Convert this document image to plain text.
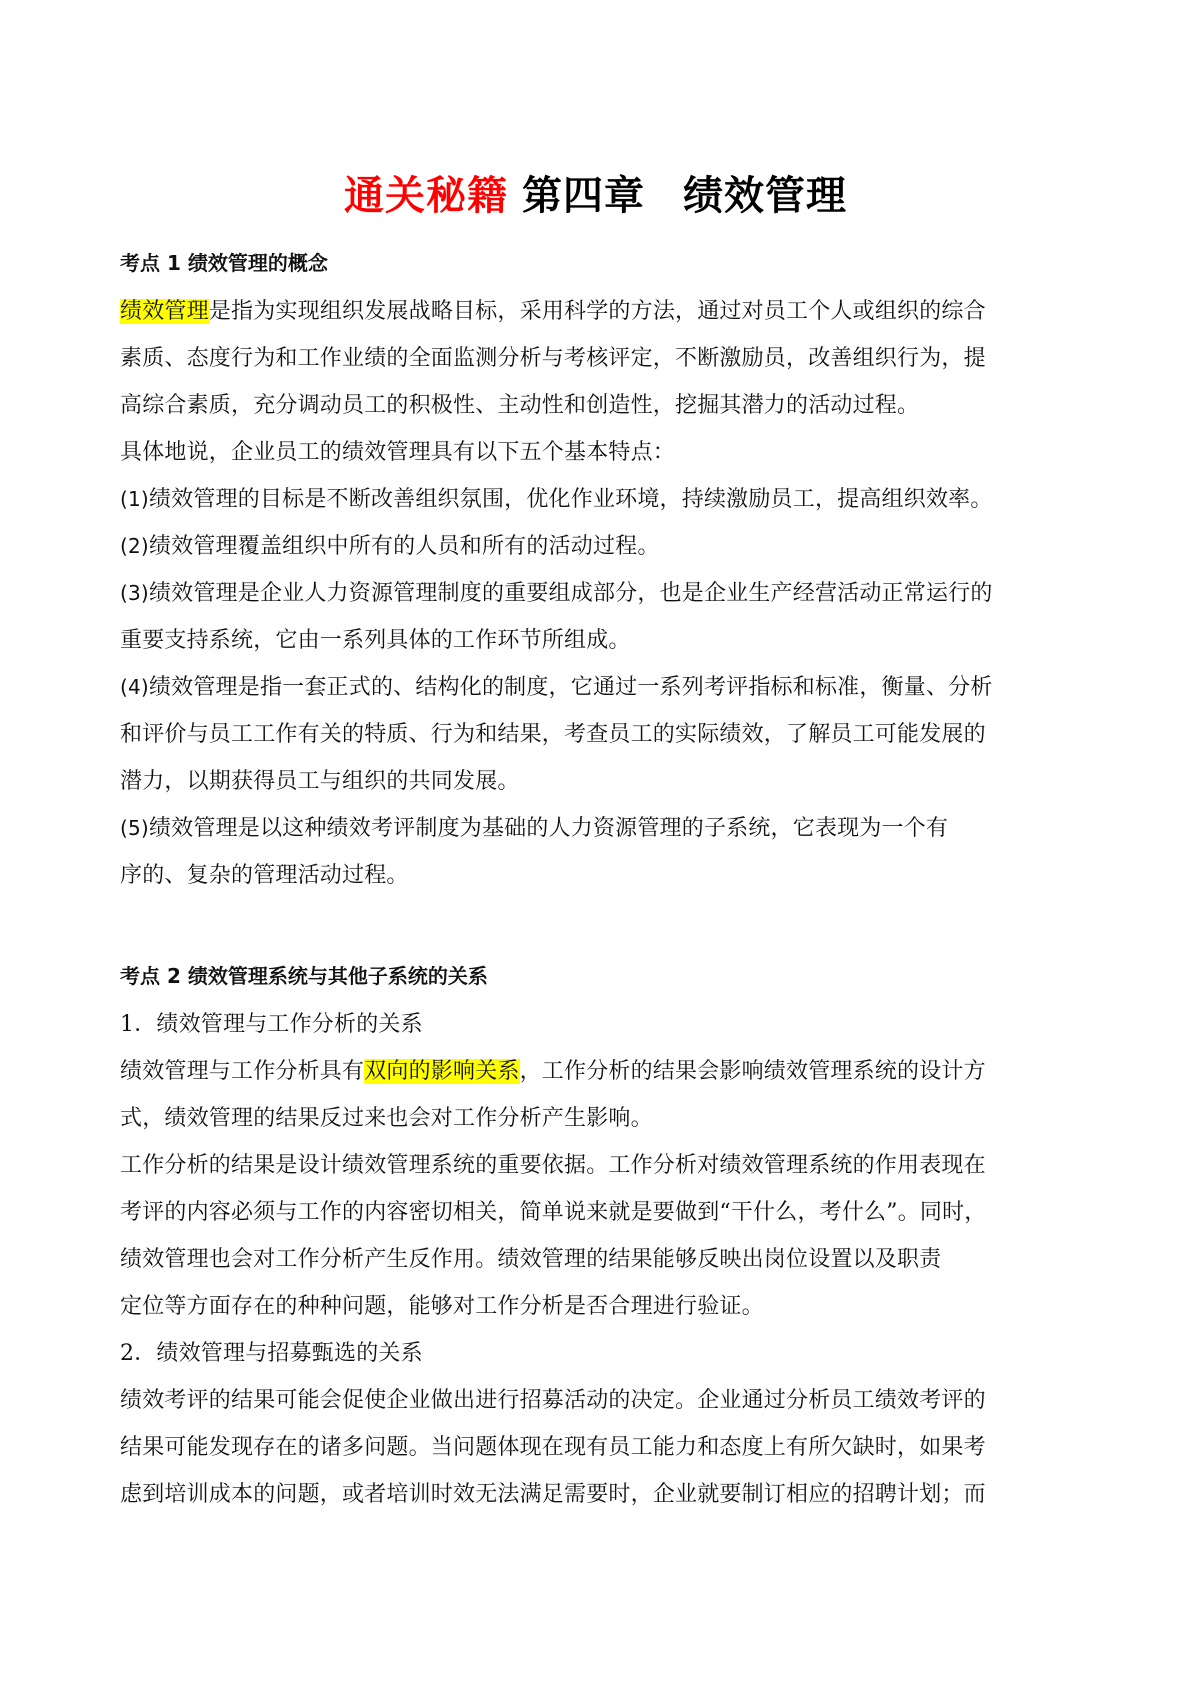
通关秘籍 第四章 绩效管理
考点 1 绩效管理的概念
绩效管理是指为实现组织发展战略目标，采用科学的方法，通过对员工个人或组织的综合
素质、态度行为和工作业绩的全面监测分析与考核评定，不断激励员，改善组织行为，提
高综合素质，充分调动员工的积极性、主动性和创造性，挖掘其潜力的活动过程。
具体地说，企业员工的绩效管理具有以下五个基本特点：
(1)绩效管理的目标是不断改善组织氛围，优化作业环境，持续激励员工，提高组织效率。
(2)绩效管理覆盖组织中所有的人员和所有的活动过程。
(3)绩效管理是企业人力资源管理制度的重要组成部分，也是企业生产经营活动正常运行的
重要支持系统，它由一系列具体的工作环节所组成。
(4)绩效管理是指一套正式的、结构化的制度，它通过一系列考评指标和标准，衡量、分析
和评价与员工工作有关的特质、行为和结果，考查员工的实际绩效，了解员工可能发展的
潜力，以期获得员工与组织的共同发展。
(5)绩效管理是以这种绩效考评制度为基础的人力资源管理的子系统，它表现为一个有
序的、复杂的管理活动过程。
考点 2 绩效管理系统与其他子系统的关系
1．绩效管理与工作分析的关系
绩效管理与工作分析具有双向的影响关系，工作分析的结果会影响绩效管理系统的设计方
式，绩效管理的结果反过来也会对工作分析产生影响。
工作分析的结果是设计绩效管理系统的重要依据。工作分析对绩效管理系统的作用表现在
考评的内容必须与工作的内容密切相关，简单说来就是要做到“干什么，考什么”。同时，
绩效管理也会对工作分析产生反作用。绩效管理的结果能够反映出岗位设置以及职责
定位等方面存在的种种问题，能够对工作分析是否合理进行验证。
2．绩效管理与招募甄选的关系
绩效考评的结果可能会促使企业做出进行招募活动的决定。企业通过分析员工绩效考评的
结果可能发现存在的诸多问题。当问题体现在现有员工能力和态度上有所欠缺时，如果考
虑到培训成本的问题，或者培训时效无法满足需要时，企业就要制订相应的招聘计划；而
